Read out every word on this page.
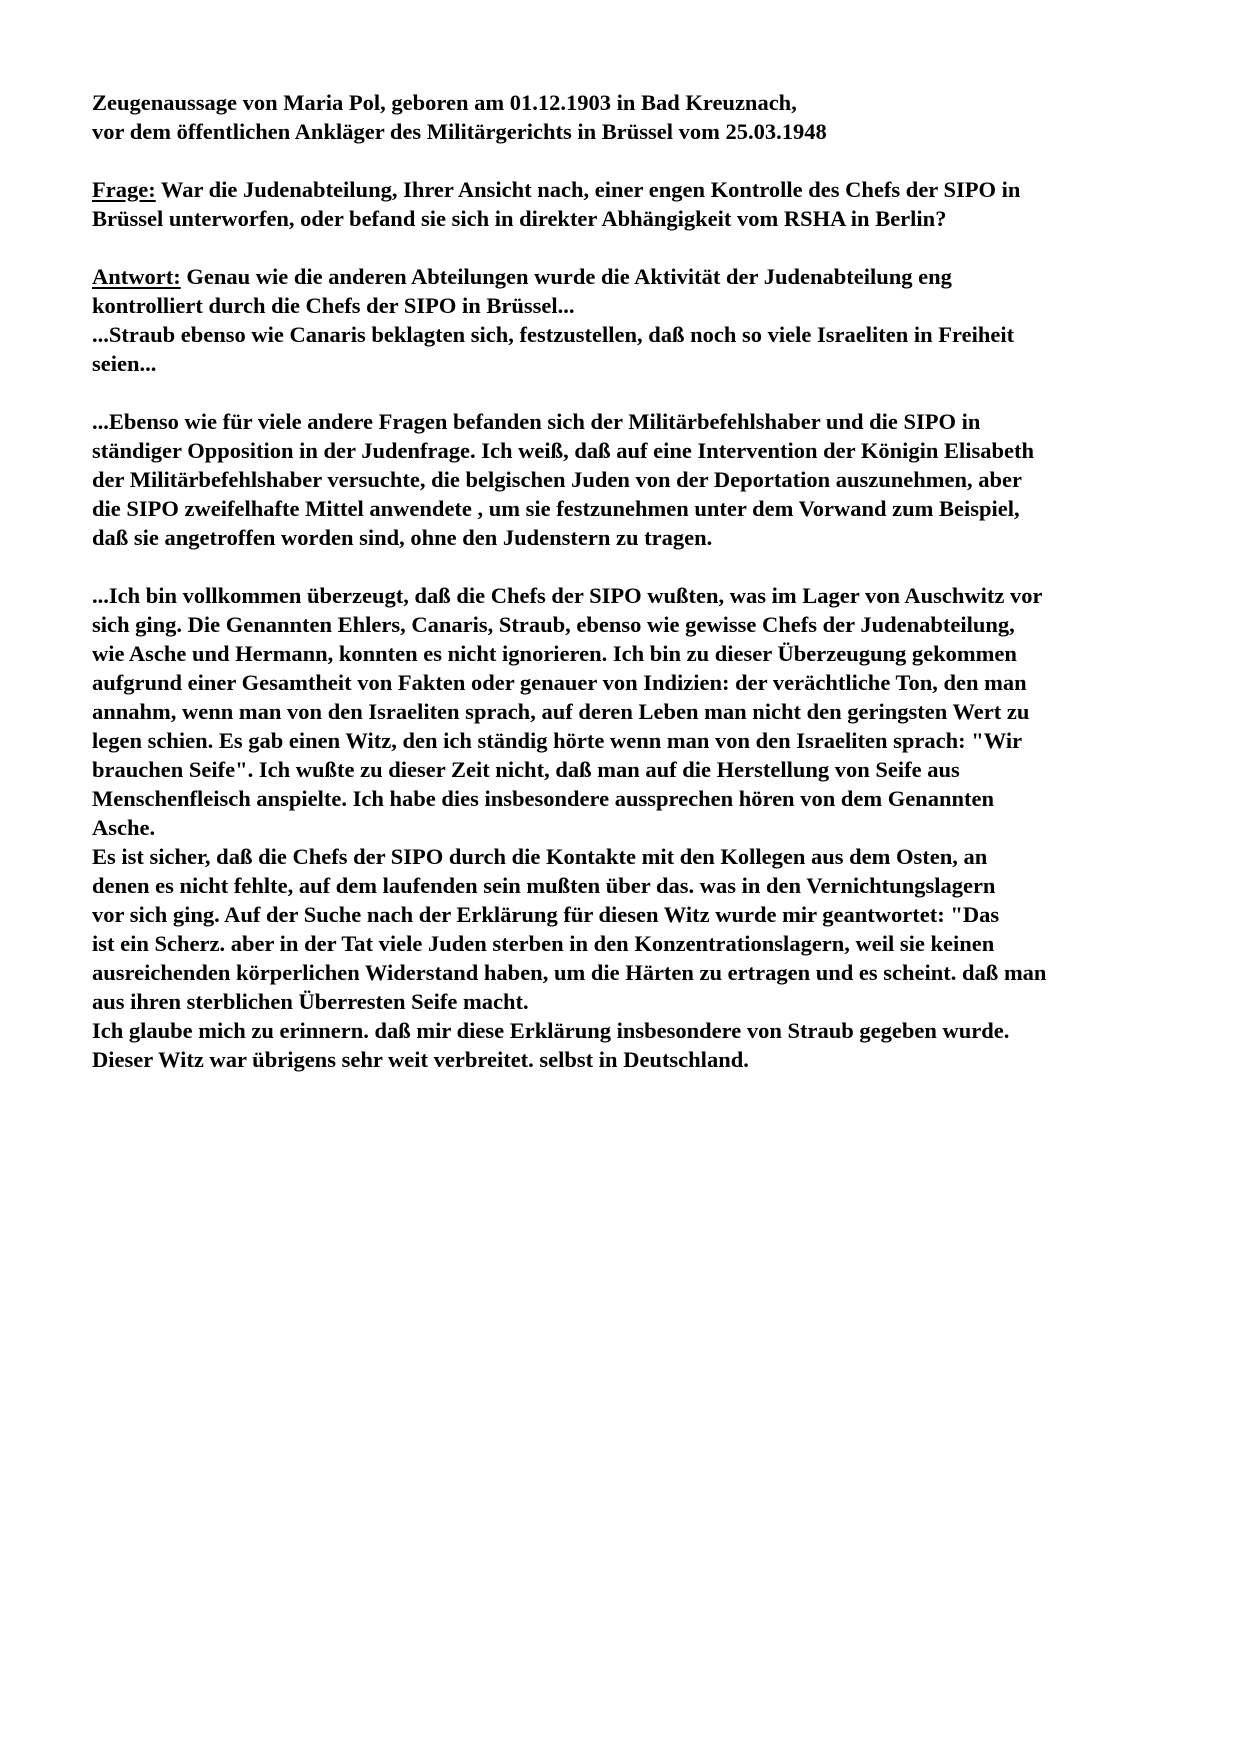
Zeugenaussage von Maria Pol, geboren am 01.12.1903 in Bad Kreuznach,
vor dem öffentlichen Ankläger des Militärgerichts in Brüssel vom 25.03.1948
Frage: War die Judenabteilung, Ihrer Ansicht nach, einer engen Kontrolle des Chefs der SIPO in
Brüssel unterworfen, oder befand sie sich in direkter Abhängigkeit vom RSHA in Berlin?
Antwort: Genau wie die anderen Abteilungen wurde die Aktivität der Judenabteilung eng
kontrolliert durch die Chefs der SIPO in Brüssel...
...Straub ebenso wie Canaris beklagten sich, festzustellen, daß noch so viele Israeliten in Freiheit
seien...
...Ebenso wie für viele andere Fragen befanden sich der Militärbefehlshaber und die SIPO in
ständiger Opposition in der Judenfrage. Ich weiß, daß auf eine Intervention der Königin Elisabeth
der Militärbefehlshaber versuchte, die belgischen Juden von der Deportation auszunehmen, aber
die SIPO zweifelhafte Mittel anwendete , um sie festzunehmen unter dem Vorwand zum Beispiel,
daß sie angetroffen worden sind, ohne den Judenstern zu tragen.
...Ich bin vollkommen überzeugt, daß die Chefs der SIPO wußten, was im Lager von Auschwitz vor
sich ging. Die Genannten Ehlers, Canaris, Straub, ebenso wie gewisse Chefs der Judenabteilung,
wie Asche und Hermann, konnten es nicht ignorieren. Ich bin zu dieser Überzeugung gekommen
aufgrund einer Gesamtheit von Fakten oder genauer von Indizien: der verächtliche Ton, den man
annahm, wenn man von den Israeliten sprach, auf deren Leben man nicht den geringsten Wert zu
legen schien. Es gab einen Witz, den ich ständig hörte wenn man von den Israeliten sprach: "Wir
brauchen Seife". Ich wußte zu dieser Zeit nicht, daß man auf die Herstellung von Seife aus
Menschenfleisch anspielte. Ich habe dies insbesondere aussprechen hören von dem Genannten
Asche.
Es ist sicher, daß die Chefs der SIPO durch die Kontakte mit den Kollegen aus dem Osten, an
denen es nicht fehlte, auf dem laufenden sein mußten über das. was in den Vernichtungslagern
vor sich ging. Auf der Suche nach der Erklärung für diesen Witz wurde mir geantwortet: "Das
ist ein Scherz. aber in der Tat viele Juden sterben in den Konzentrationslagern, weil sie keinen
ausreichenden körperlichen Widerstand haben, um die Härten zu ertragen und es scheint. daß man
aus ihren sterblichen Überresten Seife macht.
Ich glaube mich zu erinnern. daß mir diese Erklärung insbesondere von Straub gegeben wurde.
Dieser Witz war übrigens sehr weit verbreitet. selbst in Deutschland.
